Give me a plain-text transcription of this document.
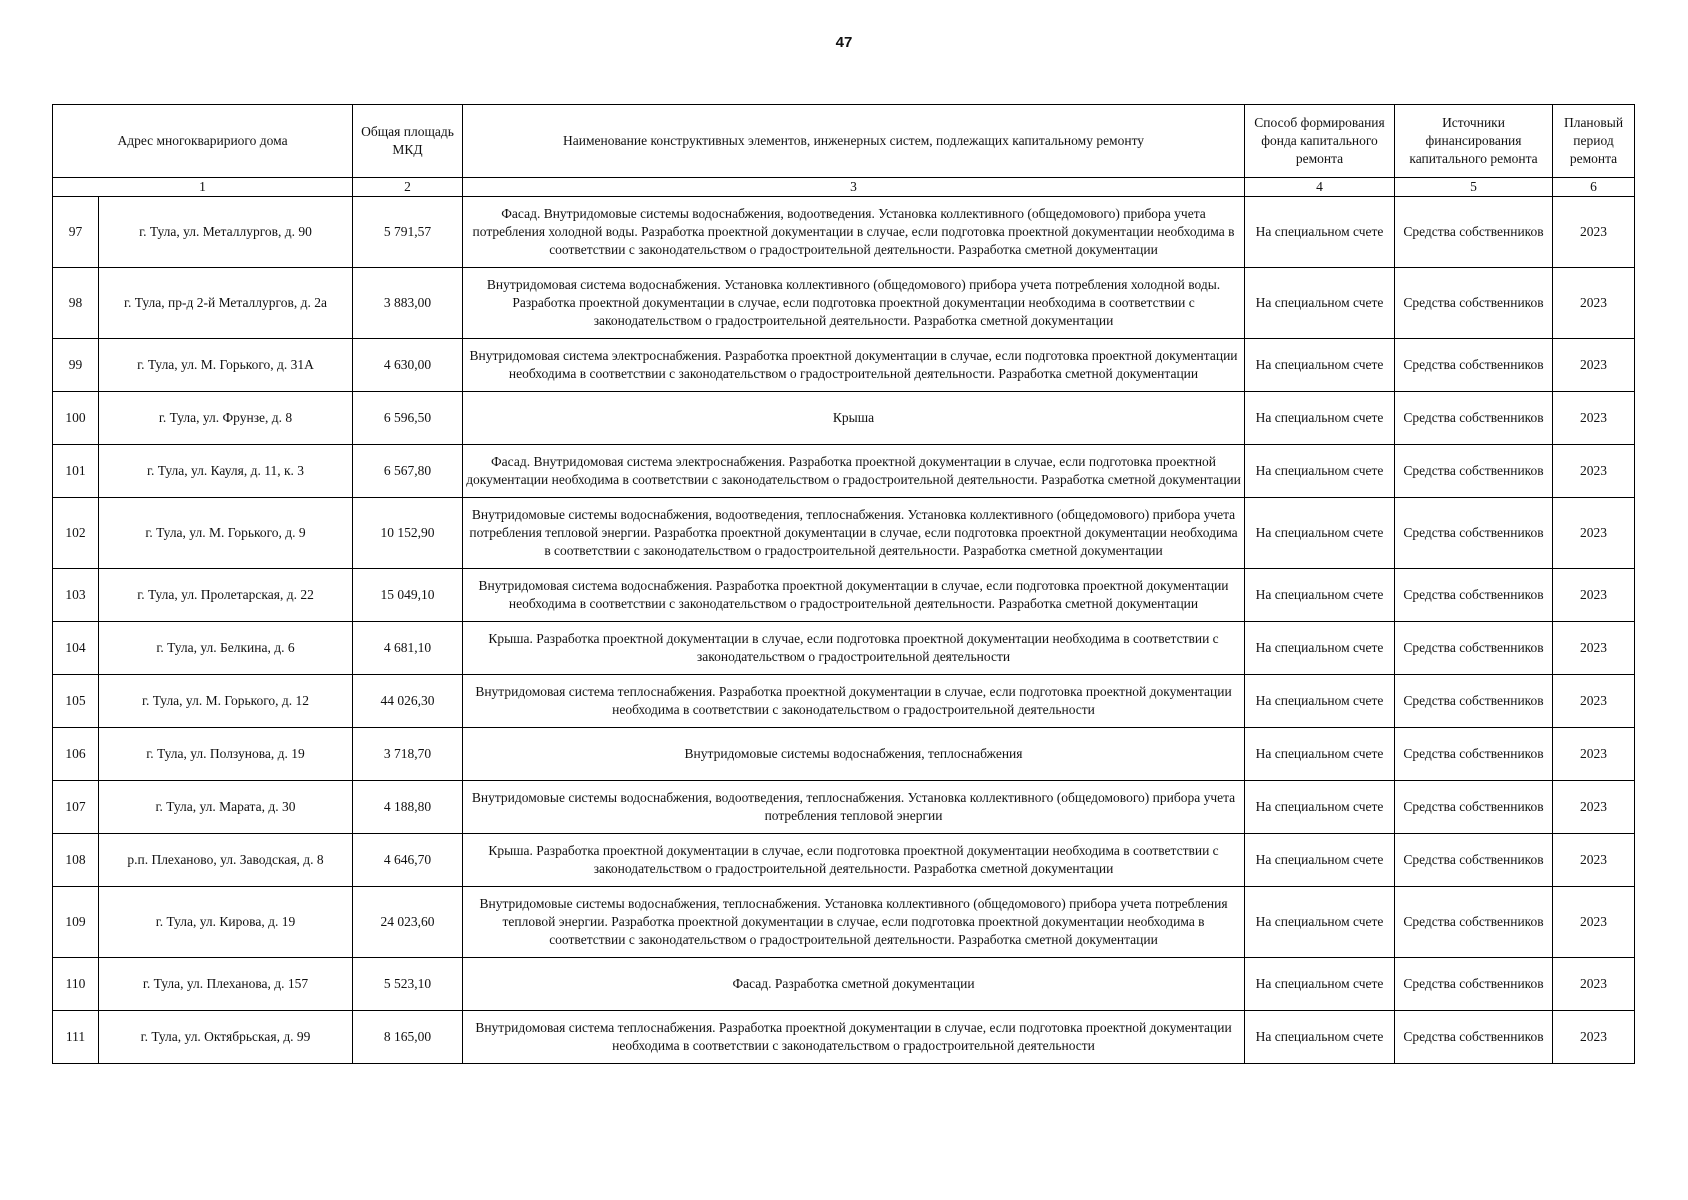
47
Адрес многокваририого дома		Общая площадь МКД	Наименование конструктивных элементов, инженерных систем, подлежащих капитальному ремонту	Способ формирования фонда капитального ремонта	Источники финансирования капитального ремонта	Плановый период ремонта
1		2	3	4	5	6
97	г. Тула, ул. Металлургов, д. 90	5 791,57	Фасад. Внутридомовые системы водоснабжения, водоотведения. Установка коллективного (общедомового) прибора учета потребления холодной воды. Разработка проектной документации в случае, если подготовка проектной документации необходима в соответствии с законодательством о градостроительной деятельности. Разработка сметной документации	На специальном счете	Средства собственников	2023
98	г. Тула, пр-д 2-й Металлургов, д. 2а	3 883,00	Внутридомовая система водоснабжения. Установка коллективного (общедомового) прибора учета потребления холодной воды. Разработка проектной документации в случае, если подготовка проектной документации необходима в соответствии с законодательством о градостроительной деятельности. Разработка сметной документации	На специальном счете	Средства собственников	2023
99	г. Тула, ул. М. Горького, д. 31А	4 630,00	Внутридомовая система электроснабжения. Разработка проектной документации в случае, если подготовка проектной документации необходима в соответствии с законодательством о градостроительной деятельности. Разработка сметной документации	На специальном счете	Средства собственников	2023
100	г. Тула, ул. Фрунзе, д. 8	6 596,50	Крыша	На специальном счете	Средства собственников	2023
101	г. Тула, ул. Кауля, д. 11, к. 3	6 567,80	Фасад. Внутридомовая система электроснабжения. Разработка проектной документации в случае, если подготовка проектной документации необходима в соответствии с законодательством о градостроительной деятельности. Разработка сметной документации	На специальном счете	Средства собственников	2023
102	г. Тула, ул. М. Горького, д. 9	10 152,90	Внутридомовые системы водоснабжения, водоотведения, теплоснабжения. Установка коллективного (общедомового) прибора учета потребления тепловой энергии. Разработка проектной документации в случае, если подготовка проектной документации необходима в соответствии с законодательством о градостроительной деятельности. Разработка сметной документации	На специальном счете	Средства собственников	2023
103	г. Тула, ул. Пролетарская, д. 22	15 049,10	Внутридомовая система водоснабжения. Разработка проектной документации в случае, если подготовка проектной документации необходима в соответствии с законодательством о градостроительной деятельности. Разработка сметной документации	На специальном счете	Средства собственников	2023
104	г. Тула, ул. Белкина, д. 6	4 681,10	Крыша. Разработка проектной документации в случае, если подготовка проектной документации необходима в соответствии с законодательством о градостроительной деятельности	На специальном счете	Средства собственников	2023
105	г. Тула, ул. М. Горького, д. 12	44 026,30	Внутридомовая система теплоснабжения. Разработка проектной документации в случае, если подготовка проектной документации необходима в соответствии с законодательством о градостроительной деятельности	На специальном счете	Средства собственников	2023
106	г. Тула, ул. Ползунова, д. 19	3 718,70	Внутридомовые системы водоснабжения, теплоснабжения	На специальном счете	Средства собственников	2023
107	г. Тула, ул. Марата, д. 30	4 188,80	Внутридомовые системы водоснабжения, водоотведения, теплоснабжения. Установка коллективного (общедомового) прибора учета потребления тепловой энергии	На специальном счете	Средства собственников	2023
108	р.п. Плеханово, ул. Заводская, д. 8	4 646,70	Крыша. Разработка проектной документации в случае, если подготовка проектной документации необходима в соответствии с законодательством о градостроительной деятельности. Разработка сметной документации	На специальном счете	Средства собственников	2023
109	г. Тула, ул. Кирова, д. 19	24 023,60	Внутридомовые системы водоснабжения, теплоснабжения. Установка коллективного (общедомового) прибора учета потребления тепловой энергии. Разработка проектной документации в случае, если подготовка проектной документации необходима в соответствии с законодательством о градостроительной деятельности. Разработка сметной документации	На специальном счете	Средства собственников	2023
110	г. Тула, ул. Плеханова, д. 157	5 523,10	Фасад. Разработка сметной документации	На специальном счете	Средства собственников	2023
111	г. Тула, ул. Октябрьская, д. 99	8 165,00	Внутридомовая система теплоснабжения. Разработка проектной документации в случае, если подготовка проектной документации необходима в соответствии с законодательством о градостроительной деятельности	На специальном счете	Средства собственников	2023
